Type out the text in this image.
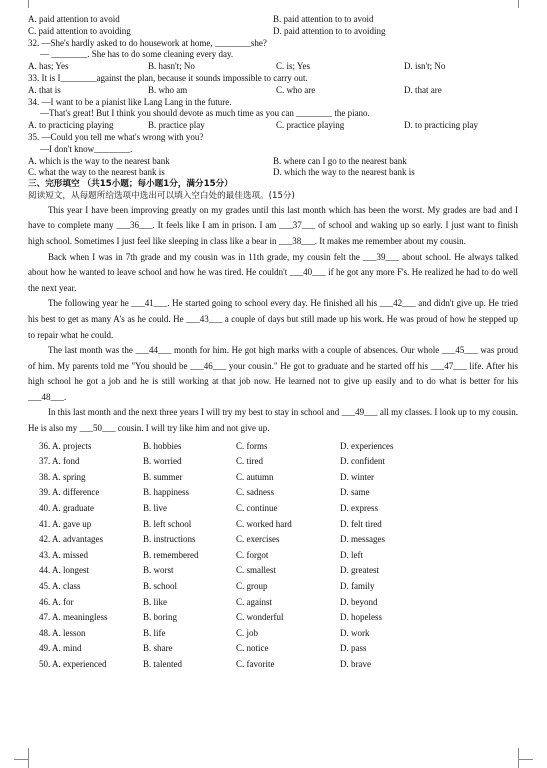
A. paid attention to avoid	B. paid attention to to avoid
C. paid attention to avoiding	D. paid attention to to avoiding
32. —She's hardly asked to do housework at home, ________she?
— ________. She has to do some cleaning every day.
A. has; Yes	B. hasn't; No	C. is; Yes	D. isn't; No
33. It is I________against the plan, because it sounds impossible to carry out.
A. that is	B. who am	C. who are	D. that are
34. —I want to be a pianist like Lang Lang in the future.
—That's great! But I think you should devote as much time as you can ________ the piano.
A. to practicing playing	B. practice play	C. practice playing	D. to practicing play
35. —Could you tell me what's wrong with you?
—I don't know________.
A. which is the way to the nearest bank	B. where can I go to the nearest bank
C. what the way to the nearest bank is	D. which the way to the nearest bank is
三、完形填空 （共15小题；每小题1分，满分15分）
阅读短文，从每题所给选项中选出可以填入空白处的最佳选项。(15分)

This year I have been improving greatly on my grades until this last month which has been the worst. My grades are bad and I have to complete many ___36___. It feels like I am in prison. I am ___37___ of school and waking up so early. I just want to finish high school. Sometimes I just feel like sleeping in class like a bear in ___38___. It makes me remember about my cousin.

Back when I was in 7th grade and my cousin was in 11th grade, my cousin felt the ___39___ about school. He always talked about how he wanted to leave school and how he was tired. He couldn't ___40___ if he got any more F's. He realized he had to do well the next year.

The following year he ___41___. He started going to school every day. He finished all his ___42___ and didn't give up. He tried his best to get as many A's as he could. He ___43___ a couple of days but still made up his work. He was proud of how he stepped up to repair what he could.

The last month was the ___44___ month for him. He got high marks with a couple of absences. Our whole ___45___ was proud of him. My parents told me "You should be ___46___ your cousin." He got to graduate and he started off his ___47___ life. After his high school he got a job and he is still working at that job now. He learned not to give up easily and to do what is better for his ___48___.

In this last month and the next three years I will try my best to stay in school and ___49___ all my classes. I look up to my cousin. He is also my ___50___ cousin. I will try like him and not give up.

36. A. projects	B. hobbies	C. forms	D. experiences
37. A. fond	B. worried	C. tired	D. confident
38. A. spring	B. summer	C. autumn	D. winter
39. A. difference	B. happiness	C. sadness	D. same
40. A. graduate	B. live	C. continue	D. express
41. A. gave up	B. left school	C. worked hard	D. felt tired
42. A. advantages	B. instructions	C. exercises	D. messages
43. A. missed	B. remembered	C. forgot	D. left
44. A. longest	B. worst	C. smallest	D. greatest
45. A. class	B. school	C. group	D. family
46. A. for	B. like	C. against	D. beyond
47. A. meaningless	B. boring	C. wonderful	D. hopeless
48. A. lesson	B. life	C. job	D. work
49. A. mind	B. share	C. notice	D. pass
50. A. experienced	B. talented	C. favorite	D. brave
